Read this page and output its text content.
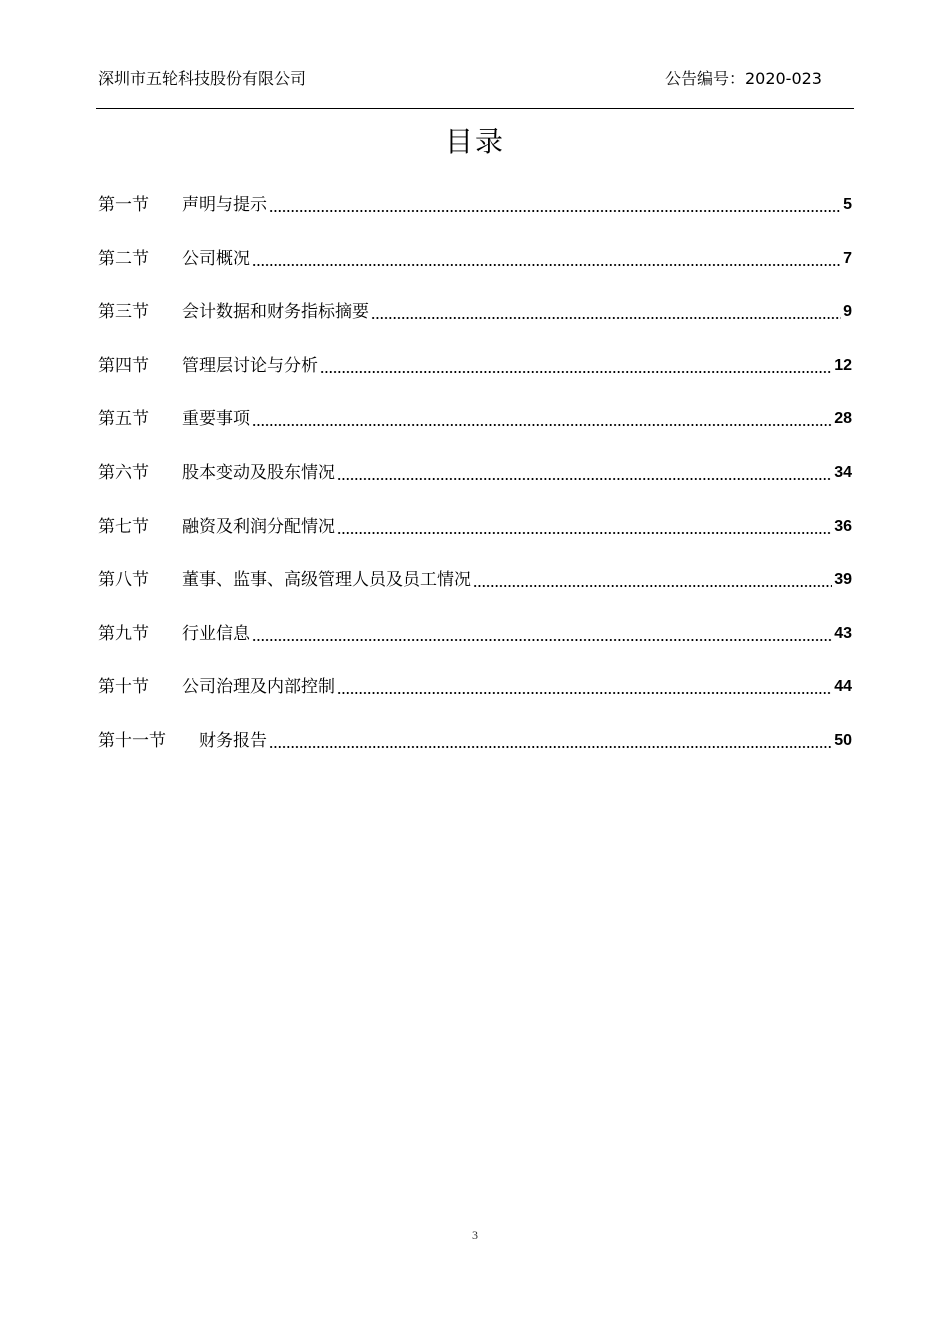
深圳市五轮科技股份有限公司	公告编号：2020-023
目录
第一节	声明与提示	5
第二节	公司概况	7
第三节	会计数据和财务指标摘要	9
第四节	管理层讨论与分析	12
第五节	重要事项	28
第六节	股本变动及股东情况	34
第七节	融资及利润分配情况	36
第八节	董事、监事、高级管理人员及员工情况	39
第九节	行业信息	43
第十节	公司治理及内部控制	44
第十一节	财务报告	50
3
